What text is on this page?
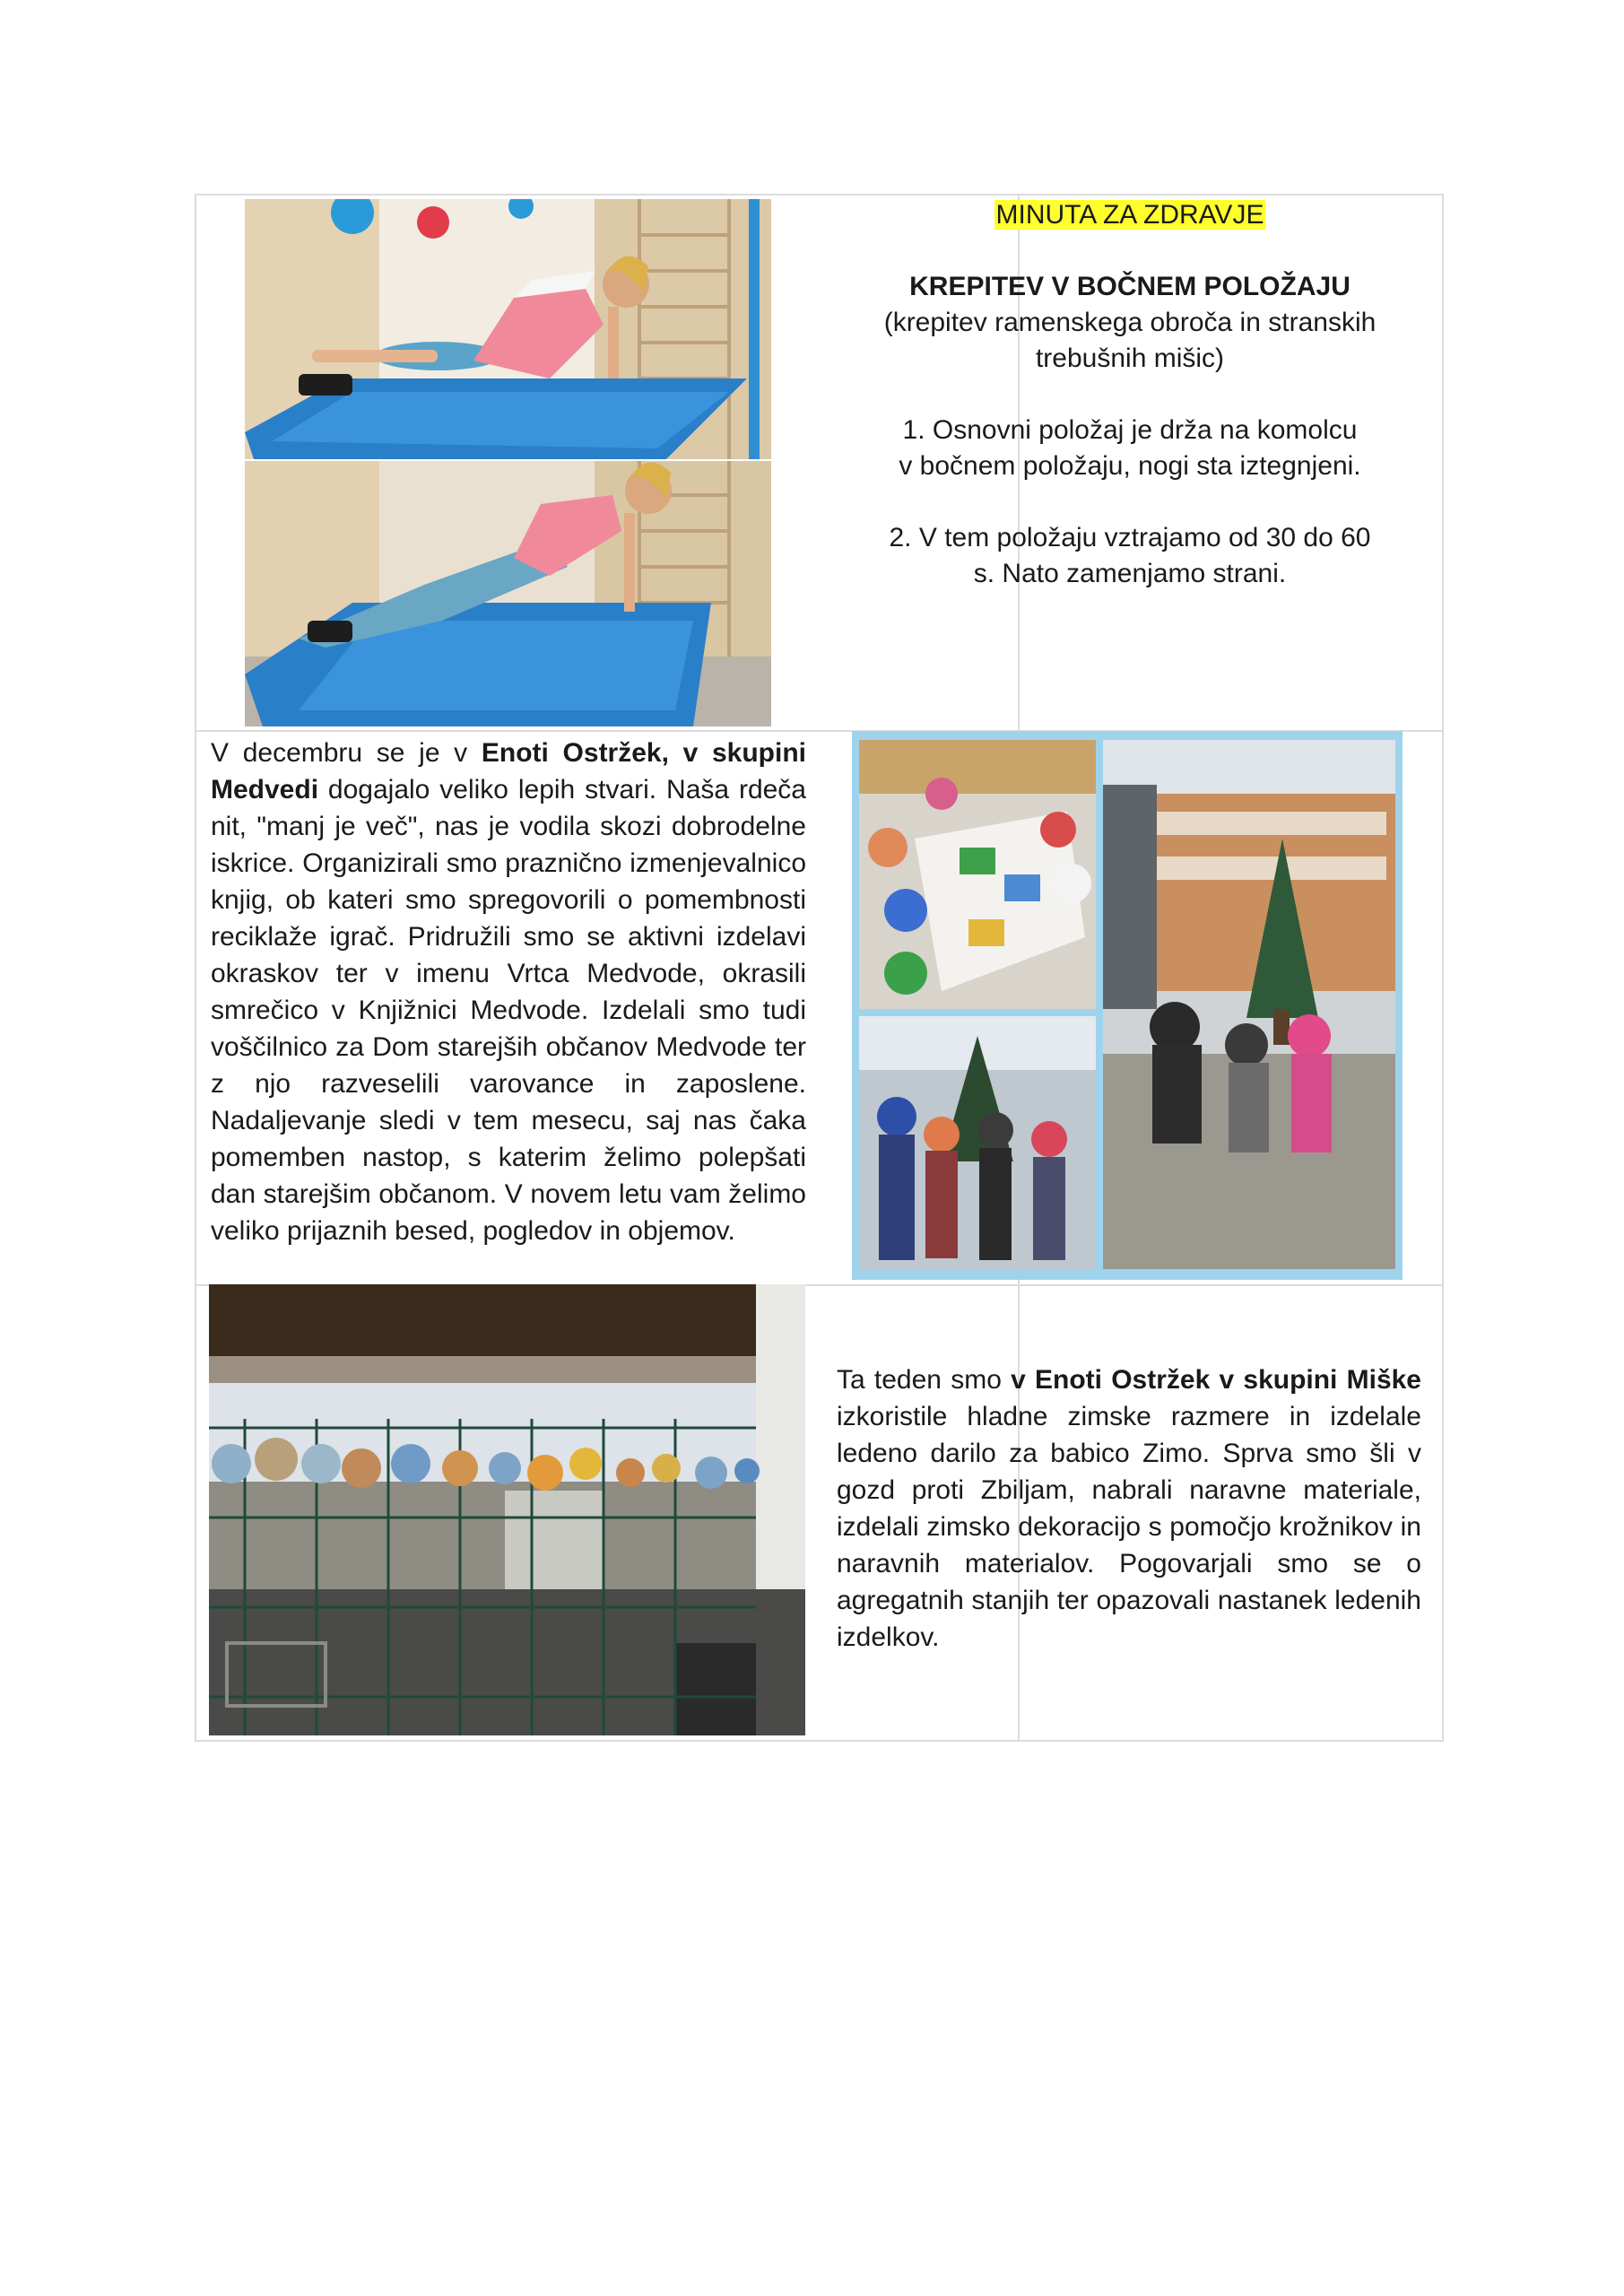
MINUTA ZA ZDRAVJE

KREPITEV V BOČNEM POLOŽAJU

(krepitev ramenskega obroča in stranskih trebušnih mišic)

1. Osnovni položaj je drža na komolcu v bočnem položaju, nogi sta iztegnjeni.

2. V tem položaju vztrajamo od 30 do 60 s. Nato zamenjamo strani.

V decembru se je v Enoti Ostržek, v skupini Medvedi dogajalo veliko lepih stvari. Naša rdeča nit, "manj je več", nas je vodila skozi dobrodelne iskrice. Organizirali smo praznično izmenjevalnico knjig, ob kateri smo spregovorili o pomembnosti reciklaže igrač. Pridružili smo se aktivni izdelavi okraskov ter v imenu Vrtca Medvode, okrasili smrečico v Knjižnici Medvode. Izdelali smo tudi voščilnico za Dom starejših občanov Medvode ter z njo razveselili varovance in zaposlene. Nadaljevanje sledi v tem mesecu, saj nas čaka pomemben nastop, s katerim želimo polepšati dan starejšim občanom. V novem letu vam želimo veliko prijaznih besed, pogledov in objemov.

Ta teden smo v Enoti Ostržek v skupini Miške izkoristile hladne zimske razmere in izdelale ledeno darilo za babico Zimo. Sprva smo šli v gozd proti Zbiljam, nabrali naravne materiale, izdelali zimsko dekoracijo s pomočjo krožnikov in naravnih materialov. Pogovarjali smo se o agregatnih stanjih ter opazovali nastanek ledenih izdelkov.
